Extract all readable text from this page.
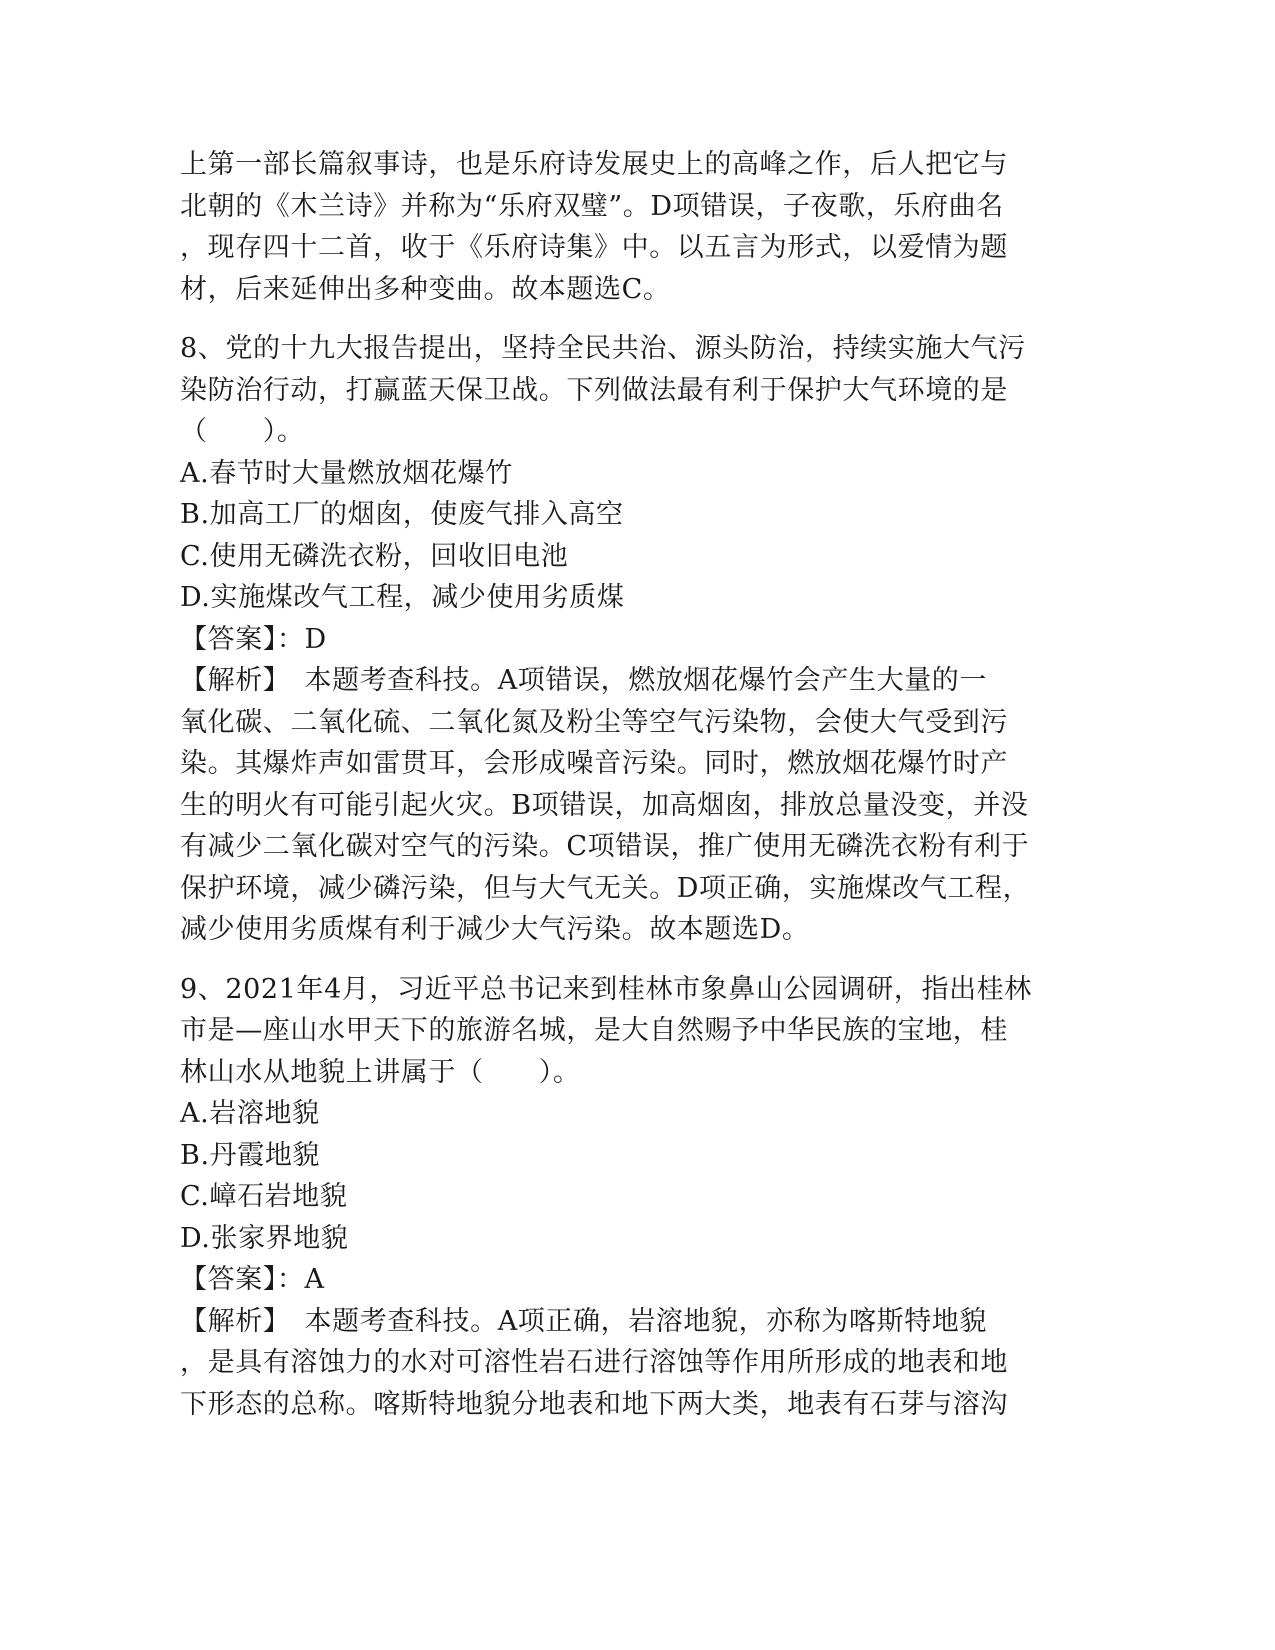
上第一部长篇叙事诗，也是乐府诗发展史上的高峰之作，后人把它与
北朝的《木兰诗》并称为“乐府双璧”。D项错误，子夜歌，乐府曲名
，现存四十二首，收于《乐府诗集》中。以五言为形式，以爱情为题
材，后来延伸出多种变曲。故本题选C。
8、党的十九大报告提出，坚持全民共治、源头防治，持续实施大气污
染防治行动，打赢蓝天保卫战。下列做法最有利于保护大气环境的是
（　　）。
A.春节时大量燃放烟花爆竹
B.加高工厂的烟囱，使废气排入高空
C.使用无磷洗衣粉，回收旧电池
D.实施煤改气工程，减少使用劣质煤
【答案】：D
【解析】　本题考查科技。A项错误，燃放烟花爆竹会产生大量的一
氧化碳、二氧化硫、二氧化氮及粉尘等空气污染物，会使大气受到污
染。其爆炸声如雷贯耳，会形成噪音污染。同时，燃放烟花爆竹时产
生的明火有可能引起火灾。B项错误，加高烟囱，排放总量没变，并没
有减少二氧化碳对空气的污染。C项错误，推广使用无磷洗衣粉有利于
保护环境，减少磷污染，但与大气无关。D项正确，实施煤改气工程，
减少使用劣质煤有利于减少大气污染。故本题选D。
9、2021年4月，习近平总书记来到桂林市象鼻山公园调研，指出桂林
市是—座山水甲天下的旅游名城，是大自然赐予中华民族的宝地，桂
林山水从地貌上讲属于（　　）。
A.岩溶地貌
B.丹霞地貌
C.嶂石岩地貌
D.张家界地貌
【答案】：A
【解析】　本题考查科技。A项正确，岩溶地貌，亦称为喀斯特地貌
，是具有溶蚀力的水对可溶性岩石进行溶蚀等作用所形成的地表和地
下形态的总称。喀斯特地貌分地表和地下两大类，地表有石芽与溶沟
